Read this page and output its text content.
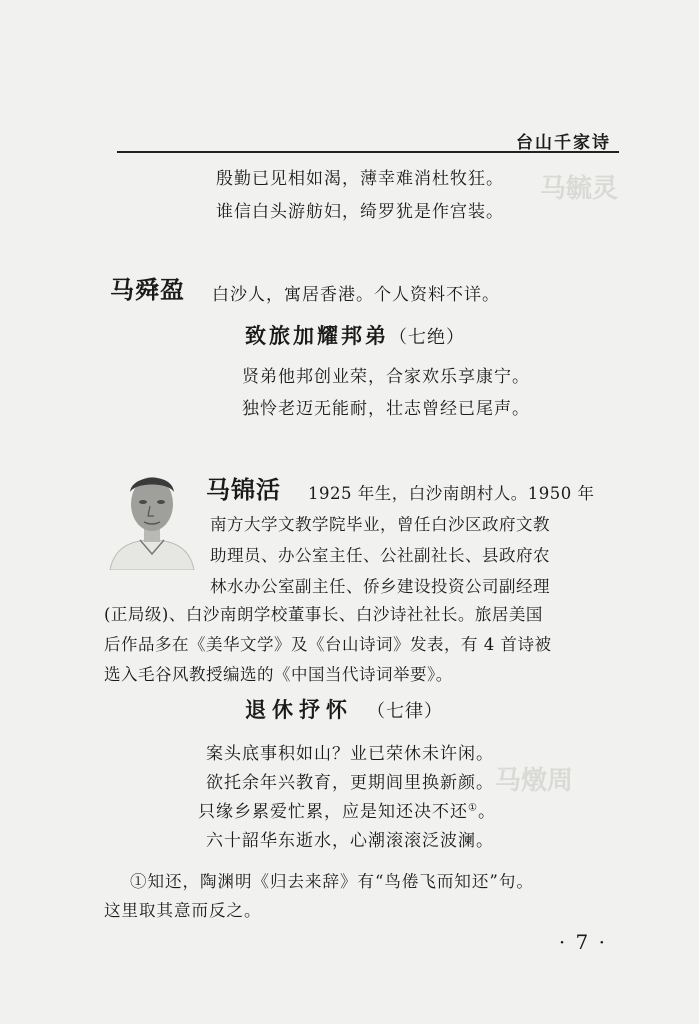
马毓灵
马燉周
台山千家诗
殷勤已见相如渴，薄幸难消杜牧狂。
谁信白头游舫妇，绮罗犹是作宫装。
马舜盈 白沙人，寓居香港。个人资料不详。
致旅加耀邦弟（七绝）
贤弟他邦创业荣，合家欢乐享康宁。
独怜老迈无能耐，壮志曾经已尾声。
马锦活 1925 年生，白沙南朗村人。1950 年
南方大学文教学院毕业，曾任白沙区政府文教
助理员、办公室主任、公社副社长、县政府农
林水办公室副主任、侨乡建设投资公司副经理
(正局级)、白沙南朗学校董事长、白沙诗社社长。旅居美国
后作品多在《美华文学》及《台山诗词》发表，有 4 首诗被
选入毛谷风教授编选的《中国当代诗词举要》。
退休抒怀 （七律）
案头底事积如山？业已荣休未许闲。
欲托余年兴教育，更期闾里换新颜。
只缘乡累爱忙累，应是知还决不还①。
六十韶华东逝水，心潮滚滚泛波澜。
①知还，陶渊明《归去来辞》有“鸟倦飞而知还”句。
这里取其意而反之。
· 7 ·
